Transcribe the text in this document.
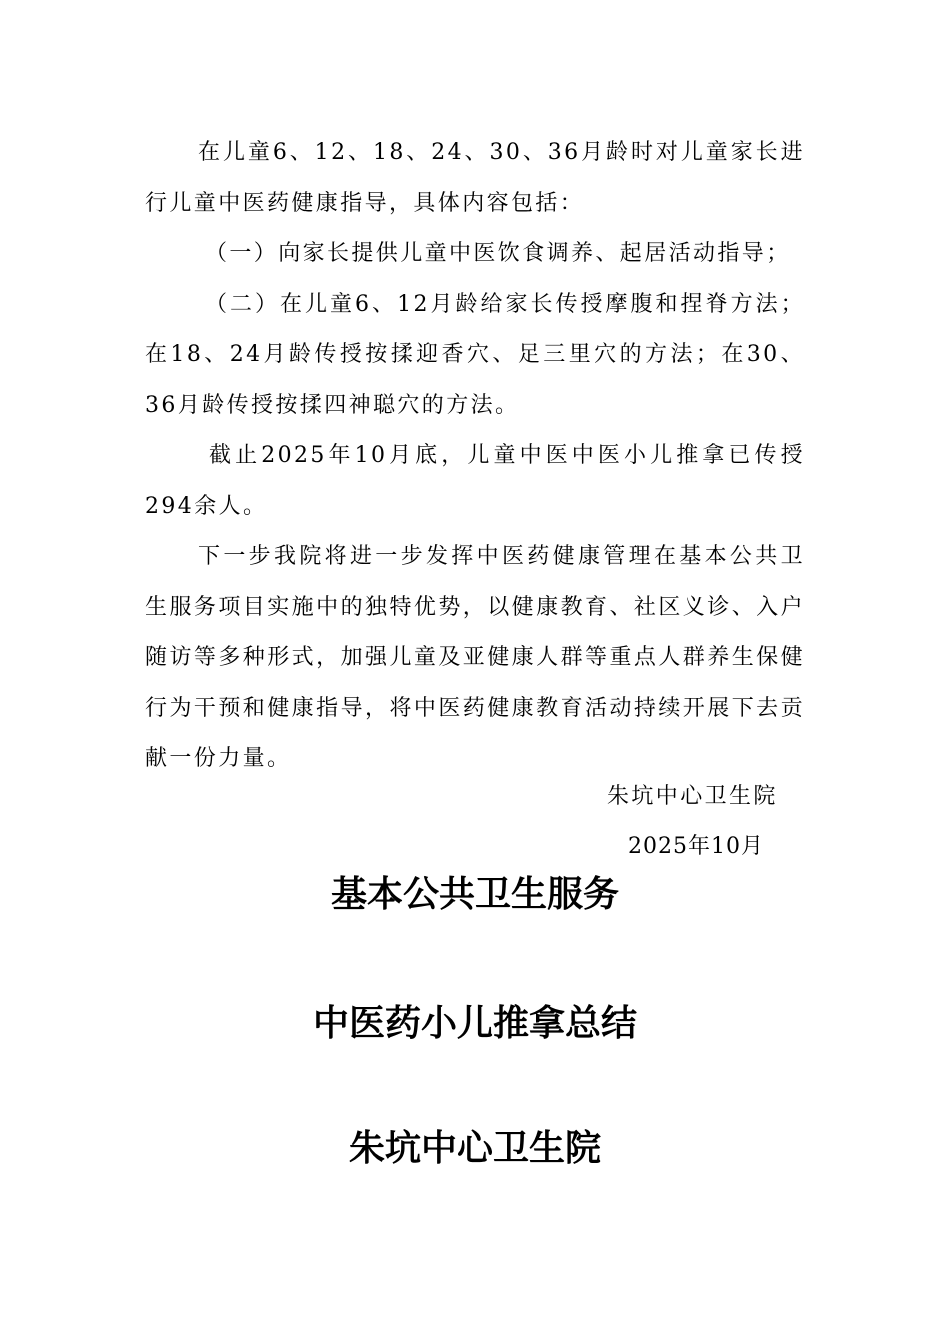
在儿童6、12、18、24、30、36月龄时对儿童家长进行儿童中医药健康指导，具体内容包括：

（一）向家长提供儿童中医饮食调养、起居活动指导；

（二）在儿童6、12月龄给家长传授摩腹和捏脊方法；在18、24月龄传授按揉迎香穴、足三里穴的方法；在30、36月龄传授按揉四神聪穴的方法。

截止2025年10月底，儿童中医中医小儿推拿已传授294余人。

下一步我院将进一步发挥中医药健康管理在基本公共卫生服务项目实施中的独特优势，以健康教育、社区义诊、入户随访等多种形式，加强儿童及亚健康人群等重点人群养生保健行为干预和健康指导，将中医药健康教育活动持续开展下去贡献一份力量。

朱坑中心卫生院
2025年10月
基本公共卫生服务
中医药小儿推拿总结
朱坑中心卫生院
